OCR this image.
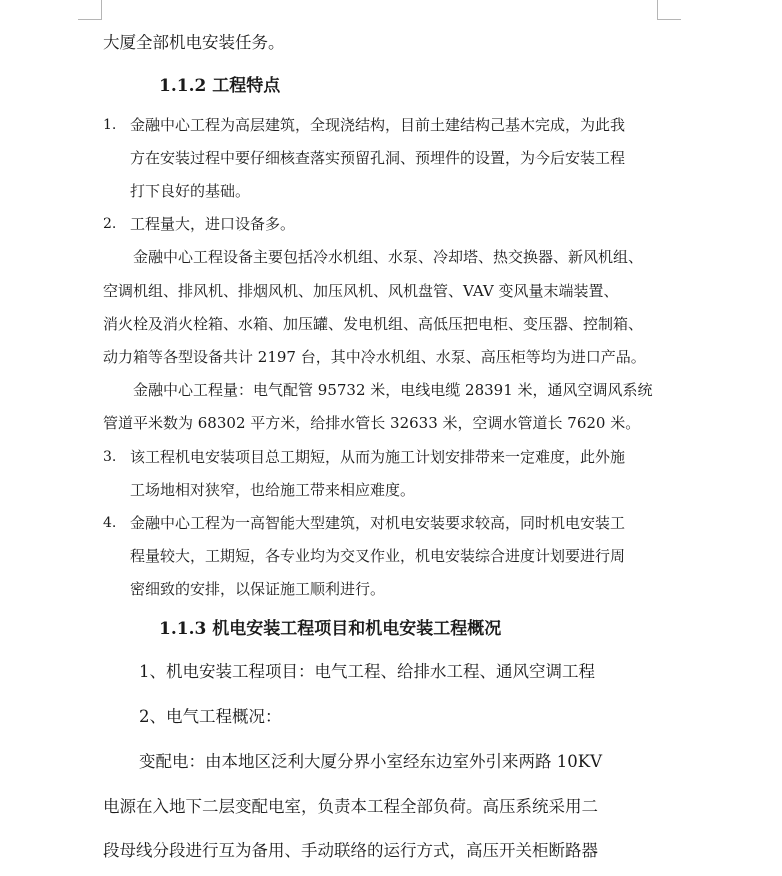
大厦全部机电安装任务。
1.1.2 工程特点
1. 金融中心工程为高层建筑，全现浇结构，目前土建结构己基木完成，为此我
方在安装过程中要仔细核查落实预留孔洞、预埋件的设置，为今后安装工程
打下良好的基础。
2. 工程量大，进口设备多。
金融中心工程设备主要包括冷水机组、水泵、冷却塔、热交换器、新风机组、
空调机组、排风机、排烟风机、加压风机、风机盘管、VAV 变风量末端装置、
消火栓及消火栓箱、水箱、加压罐、发电机组、高低压把电柜、变压器、控制箱、
动力箱等各型设备共计 2197 台，其中冷水机组、水泵、高压柜等均为进口产品。
金融中心工程量：电气配管 95732 米，电线电缆 28391 米，通风空调风系统
管道平米数为 68302 平方米，给排水管长 32633 米，空调水管道长 7620 米。
3. 该工程机电安装项目总工期短，从而为施工计划安排带来一定难度，此外施
工场地相对狭窄，也给施工带来相应难度。
4. 金融中心工程为一高智能大型建筑，对机电安装要求较高，同时机电安装工
程量较大，工期短，各专业均为交叉作业，机电安装综合进度计划要进行周
密细致的安排，以保证施工顺利进行。
1.1.3 机电安装工程项目和机电安装工程概况
1、机电安装工程项目：电气工程、给排水工程、通风空调工程
2、电气工程概况：
变配电：由本地区泛利大厦分界小室经东边室外引来两路 10KV
电源在入地下二层变配电室，负责本工程全部负荷。高压系统采用二
段母线分段进行互为备用、手动联络的运行方式，高压开关柜断路器
